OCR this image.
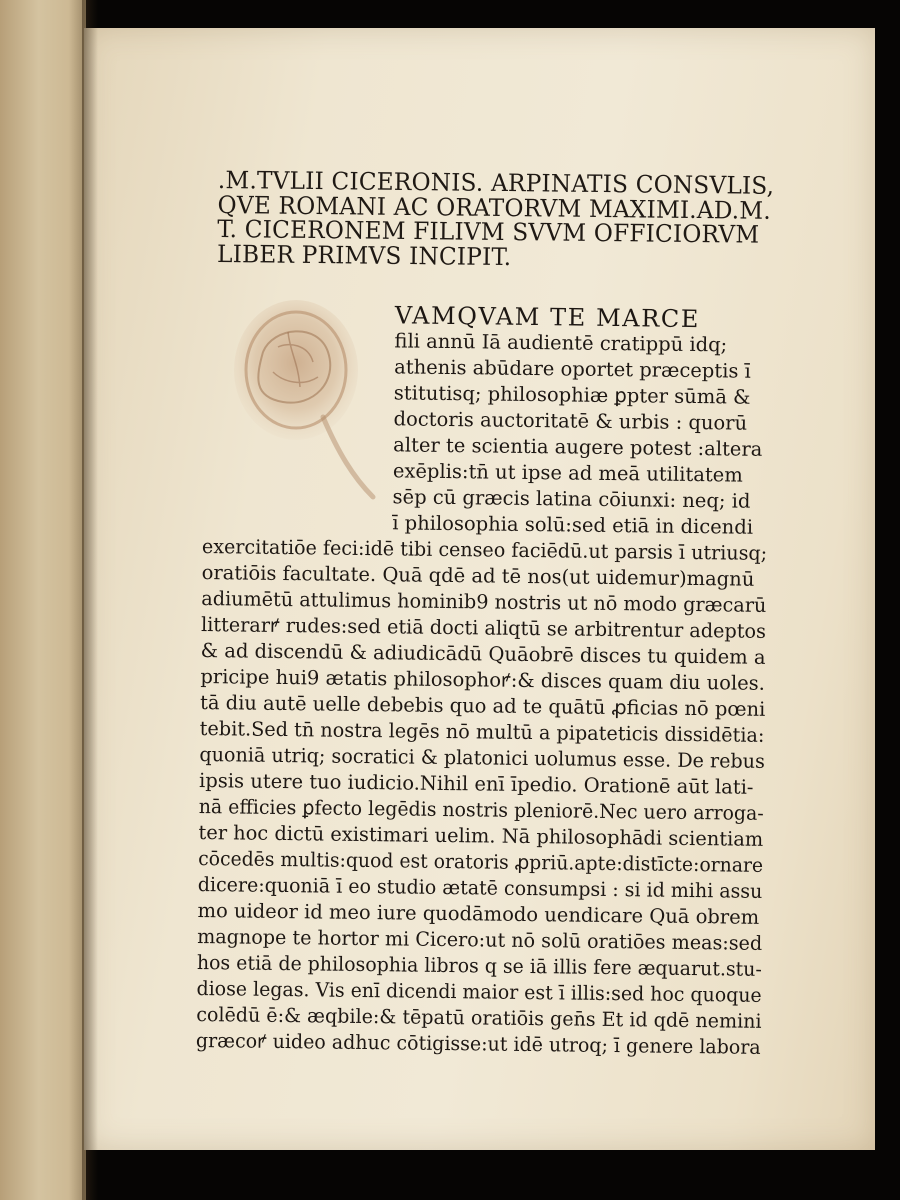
.M.TVLII CICERONIS. ARPINATIS CONSVLIS,
QVE ROMANI AC ORATORVM MAXIMI.AD.M.
T. CICERONEM FILIVM SVVM OFFICIORVM
LIBER PRIMVS INCIPIT.
VAMQVAM TE MARCE
fili annū Iā audientē cratippū idq;
athenis abūdare oportet præceptis ī
stitutisq; philosophiæ ꝑpter sūmā &
doctoris auctoritatē & urbis : quorū
alter te scientia augere potest :altera
exēplis:tn̄ ut ipse ad meā utilitatem
sēp cū græcis latina cōiunxi: neq; id
ī philosophia solū:sed etiā in dicendi
exercitatiōe feci:idē tibi censeo faciēdū.ut parsis ī utriusq;
oratiōis facultate. Quā qdē ad tē nos(ut uidemur)magnū
adiumētū attulimus hominib9 nostris ut nō modo græcarū
litterarꝵ rudes:sed etiā docti aliqtū se arbitrentur adeptos
& ad discendū & adiudicādū Quāobrē disces tu quidem a
pricipe hui9 ætatis philosophoꝵ:& disces quam diu uoles.
tā diu autē uelle debebis quo ad te quātū ꝓficias nō pœni
tebit.Sed tn̄ nostra legēs nō multū a pipateticis dissidētia:
quoniā utriq; socratici & platonici uolumus esse. De rebus
ipsis utere tuo iudicio.Nihil enī īpedio. Orationē aūt lati-
nā efficies ꝑfecto legēdis nostris pleniorē.Nec uero arroga-
ter hoc dictū existimari uelim. Nā philosophādi scientiam
cōcedēs multis:quod est oratoris ꝓpriū.apte:distīcte:ornare
dicere:quoniā ī eo studio ætatē consumpsi : si id mihi assu
mo uideor id meo iure quodāmodo uendicare Quā obrem
magnope te hortor mi Cicero:ut nō solū oratiōes meas:sed
hos etiā de philosophia libros q se iā illis fere æquarut.stu-
diose legas. Vis enī dicendi maior est ī illis:sed hoc quoque
colēdū ē:& æqbile:& tēpatū oratiōis gen̄s Et id qdē nemini
græcoꝵ uideo adhuc cōtigisse:ut idē utroq; ī genere labora
